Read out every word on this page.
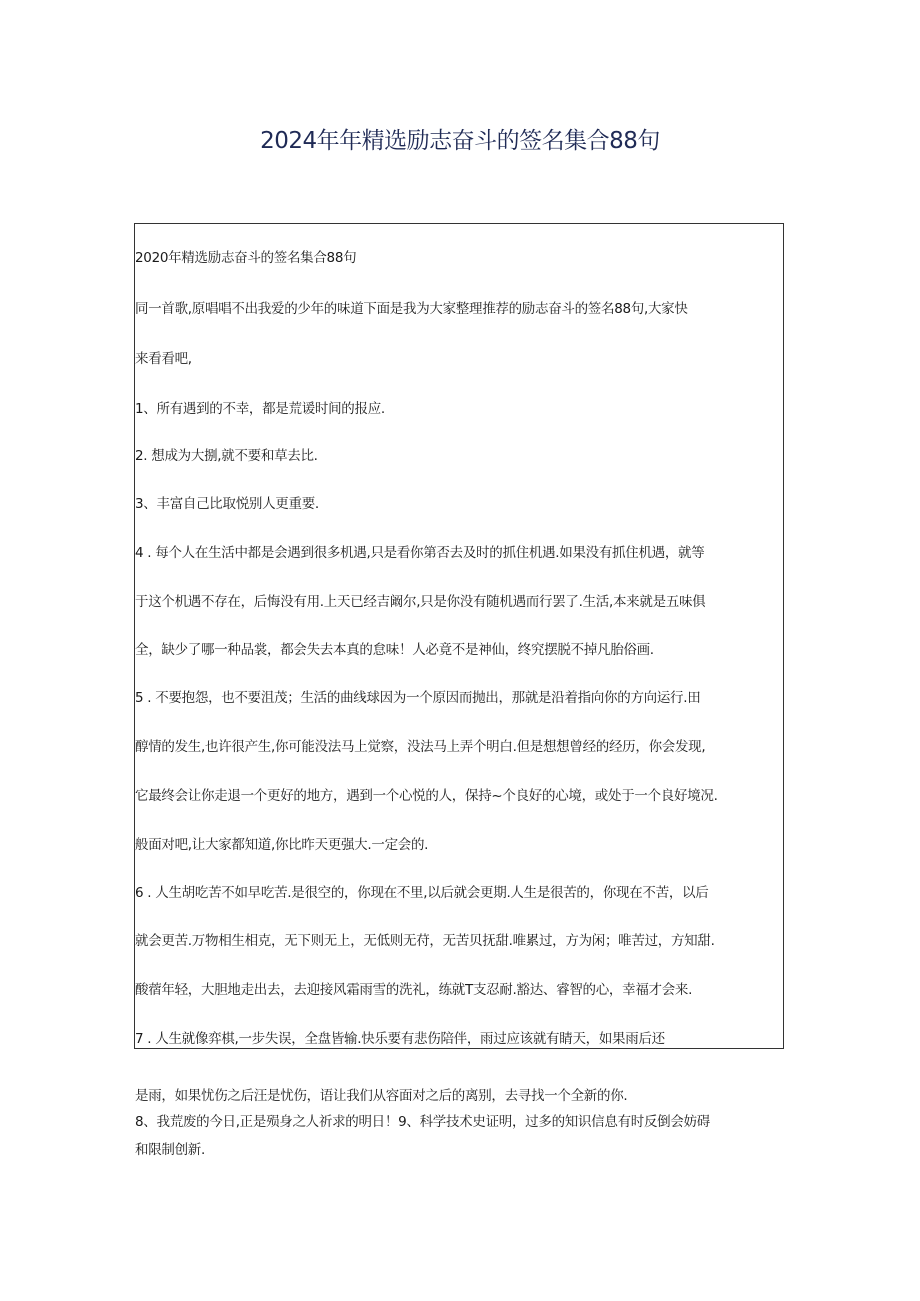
2024年年精选励志奋斗的签名集合88句
2020年精选励志奋斗的签名集合88句
同一首歌,原唱唱不出我爱的少年的味道下面是我为大家整理推荐的励志奋斗的签名88句,大家快
来看看吧,
1、所有遇到的不幸，都是荒谖时间的报应.
2. 想成为大捌,就不要和草去比.
3、丰富自己比取悦别人更重要.
4 . 每个人在生活中都是会遇到很多机遇,只是看你第否去及时的抓住机遇.如果没有抓住机遇，就等
于这个机遇不存在，后悔没有用.上天已经吉阚尔,只是你没有随机遇而行罢了.生活,本来就是五味俱
全，缺少了哪一种品裳，都会失去本真的怠味！人必竟不是神仙，终究摆脱不掉凡胎俗画.
5 . 不要抱怨，也不要沮茂；生活的曲线球因为一个原因而抛出，那就是沿着指向你的方向运行.田
醇情的发生,也许很产生,你可能没法马上觉察，没法马上弄个明白.但是想想曾经的经历，你会发现,
它最终会让你走退一个更好的地方，遇到一个心悦的人，保持~个良好的心境，或处于一个良好境况.
般面对吧,让大家都知道,你比昨天更强大.一定会的.
6 . 人生胡吃苦不如早吃苦.是很空的，你现在不里,以后就会更期.人生是很苦的，你现在不苦，以后
就会更苦.万物相生相克，无下则无上，无低则无苻，无苦贝抚甜.唯累过，方为闲；唯苦过，方知甜.
酸蓿年轻，大胆地走出去，去迎接风霜雨雪的洗礼，练就T支忍耐.豁达、睿智的心，幸福才会来.
7 . 人生就像弈棋,一步失误，全盘皆输.快乐要有悲伤陪伴，雨过应该就有睛天，如果雨后还
是雨，如果忧伤之后汪是忧伤，语让我们从容面对之后的离别，去寻找一个全新的你.
8、我荒废的今日,正是殒身之人祈求的明日！9、科学技术史证明，过多的知识信息有时反倒会妨碍
和限制创新.
